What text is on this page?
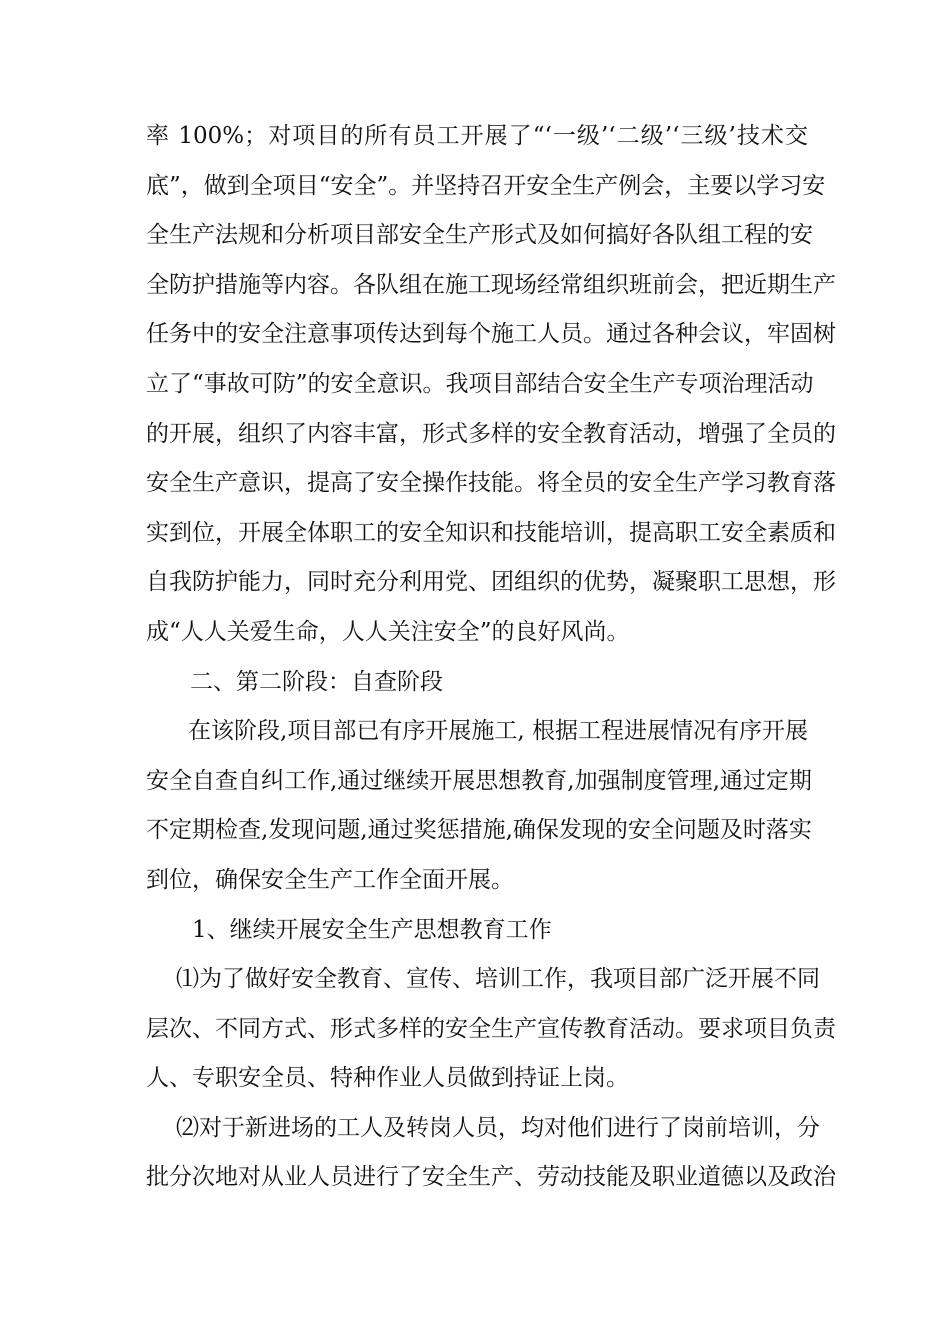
率 100%；对项目的所有员工开展了“‘一级’‘二级’‘三级’技术交
底”，做到全项目“安全”。并坚持召开安全生产例会，主要以学习安
全生产法规和分析项目部安全生产形式及如何搞好各队组工程的安
全防护措施等内容。各队组在施工现场经常组织班前会，把近期生产
任务中的安全注意事项传达到每个施工人员。通过各种会议，牢固树
立了“事故可防”的安全意识。我项目部结合安全生产专项治理活动
的开展，组织了内容丰富，形式多样的安全教育活动，增强了全员的
安全生产意识，提高了安全操作技能。将全员的安全生产学习教育落
实到位，开展全体职工的安全知识和技能培训，提高职工安全素质和
自我防护能力，同时充分利用党、团组织的优势，凝聚职工思想，形
成“人人关爱生命，人人关注安全”的良好风尚。
二、第二阶段：自查阶段
在该阶段,项目部已有序开展施工, 根据工程进展情况有序开展
安全自查自纠工作,通过继续开展思想教育,加强制度管理,通过定期
不定期检查,发现问题,通过奖惩措施,确保发现的安全问题及时落实
到位，确保安全生产工作全面开展。
1、继续开展安全生产思想教育工作
⑴为了做好安全教育、宣传、培训工作，我项目部广泛开展不同
层次、不同方式、形式多样的安全生产宣传教育活动。要求项目负责
人、专职安全员、特种作业人员做到持证上岗。
⑵对于新进场的工人及转岗人员，均对他们进行了岗前培训，分
批分次地对从业人员进行了安全生产、劳动技能及职业道德以及政治
